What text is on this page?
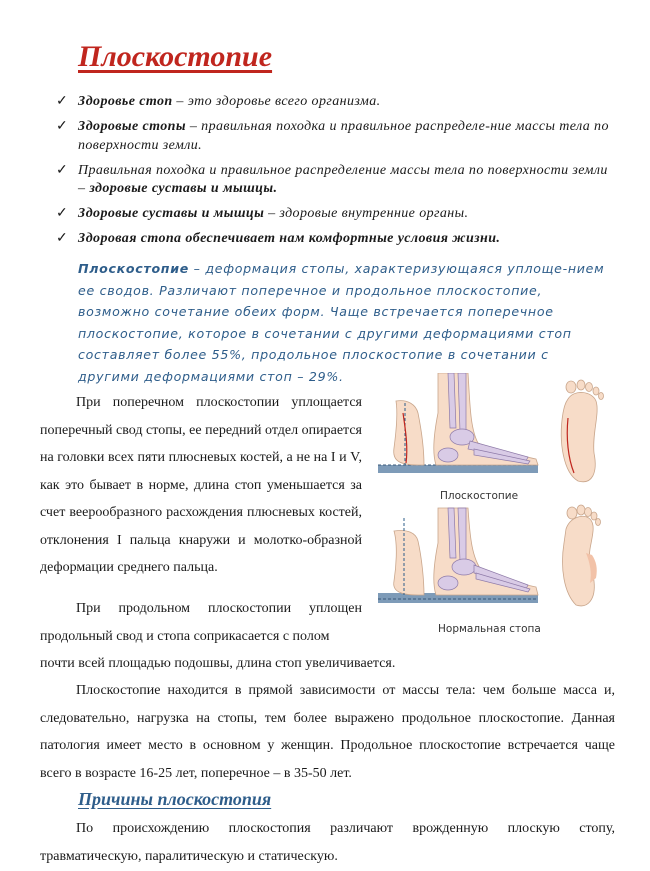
Плоскостопие
✓ Здоровье стоп – это здоровье всего организма.
✓ Здоровые стопы – правильная походка и правильное распределе-ние массы тела по поверхности земли.
✓ Правильная походка и правильное распределение массы тела по поверхности земли – здоровые суставы и мышцы.
✓ Здоровые суставы и мышцы – здоровые внутренние органы.
✓ Здоровая стопа обеспечивает нам комфортные условия жизни.

Плоскостопие – деформация стопы, характеризующаяся уплоще-нием ее сводов. Различают поперечное и продольное плоскостопие, возможно сочетание обеих форм. Чаще встречается поперечное плоскостопие, которое в сочетании с другими деформациями стоп составляет более 55%, продольное плоскостопие в сочетании с другими деформациями стоп – 29%.

При поперечном плоскостопии уплощается поперечный свод стопы, ее передний отдел опирается на головки всех пяти плюсневых костей, а не на I и V, как это бывает в норме, длина стоп уменьшается за счет веерообразного расхождения плюсневых костей, отклонения I пальца кнаружи и молотко-образной деформации среднего пальца.

При продольном плоскостопии уплощен продольный свод и стопа соприкасается с полом

почти всей площадью подошвы, длина стоп увеличивается.

Плоскостопие находится в прямой зависимости от массы тела: чем больше масса и, следовательно, нагрузка на стопы, тем более выражено продольное плоскостопие. Данная патология имеет место в основном у женщин. Продольное плоскостопие встречается чаще всего в возрасте 16-25 лет, поперечное – в 35-50 лет.

Причины плоскостопия

По происхождению плоскостопия различают врожденную плоскую стопу, травматическую, паралитическую и статическую.

Плоскостопие
Нормальная стопа
